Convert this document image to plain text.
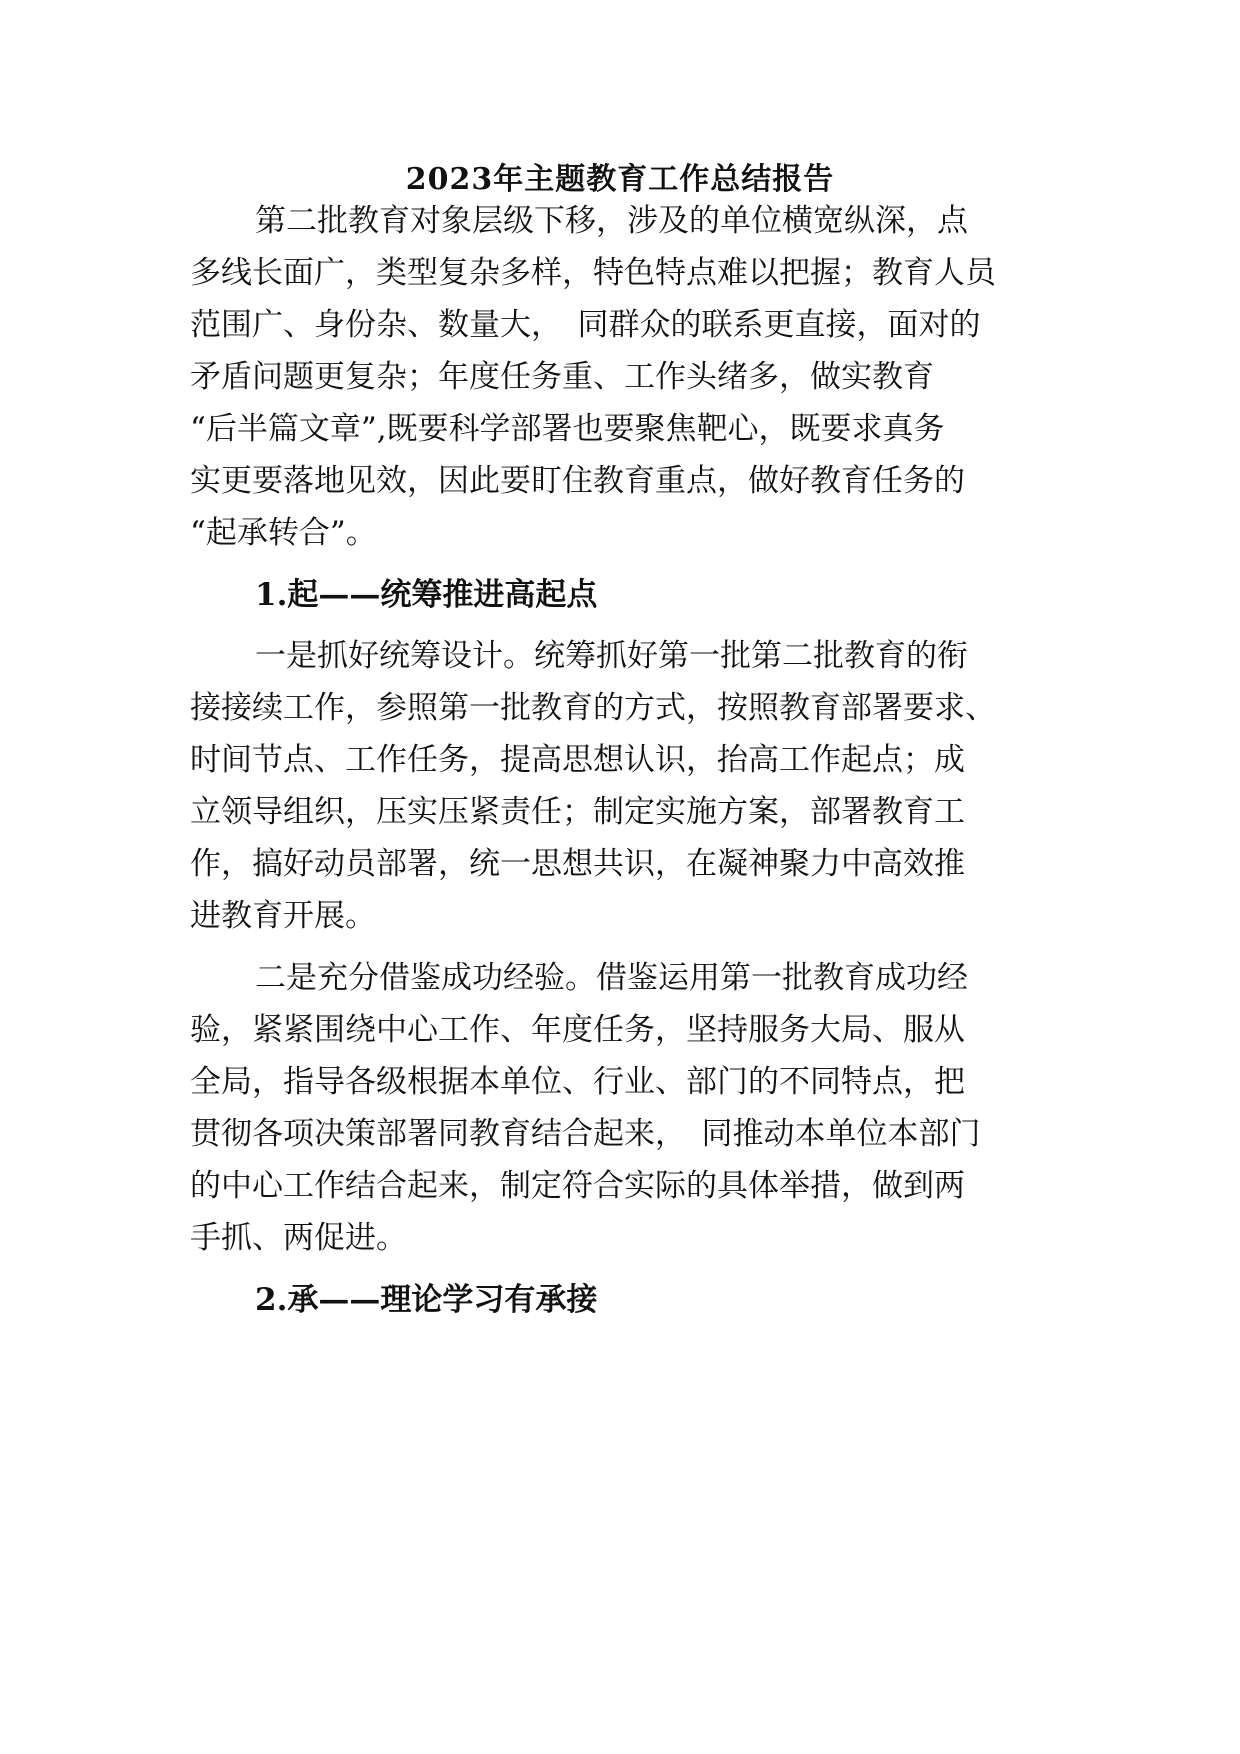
2023年主题教育工作总结报告
第二批教育对象层级下移，涉及的单位横宽纵深，点
多线长面广，类型复杂多样，特色特点难以把握；教育人员
范围广、身份杂、数量大，　同群众的联系更直接，面对的
矛盾问题更复杂；年度任务重、工作头绪多，做实教育
“后半篇文章”,既要科学部署也要聚焦靶心，既要求真务
实更要落地见效，因此要盯住教育重点，做好教育任务的
“起承转合”。
1.起——统筹推进高起点
一是抓好统筹设计。统筹抓好第一批第二批教育的衔
接接续工作，参照第一批教育的方式，按照教育部署要求、
时间节点、工作任务，提高思想认识，抬高工作起点；成
立领导组织，压实压紧责任；制定实施方案，部署教育工
作，搞好动员部署，统一思想共识，在凝神聚力中高效推
进教育开展。
二是充分借鉴成功经验。借鉴运用第一批教育成功经
验，紧紧围绕中心工作、年度任务，坚持服务大局、服从
全局，指导各级根据本单位、行业、部门的不同特点，把
贯彻各项决策部署同教育结合起来，　同推动本单位本部门
的中心工作结合起来，制定符合实际的具体举措，做到两
手抓、两促进。
2.承——理论学习有承接
